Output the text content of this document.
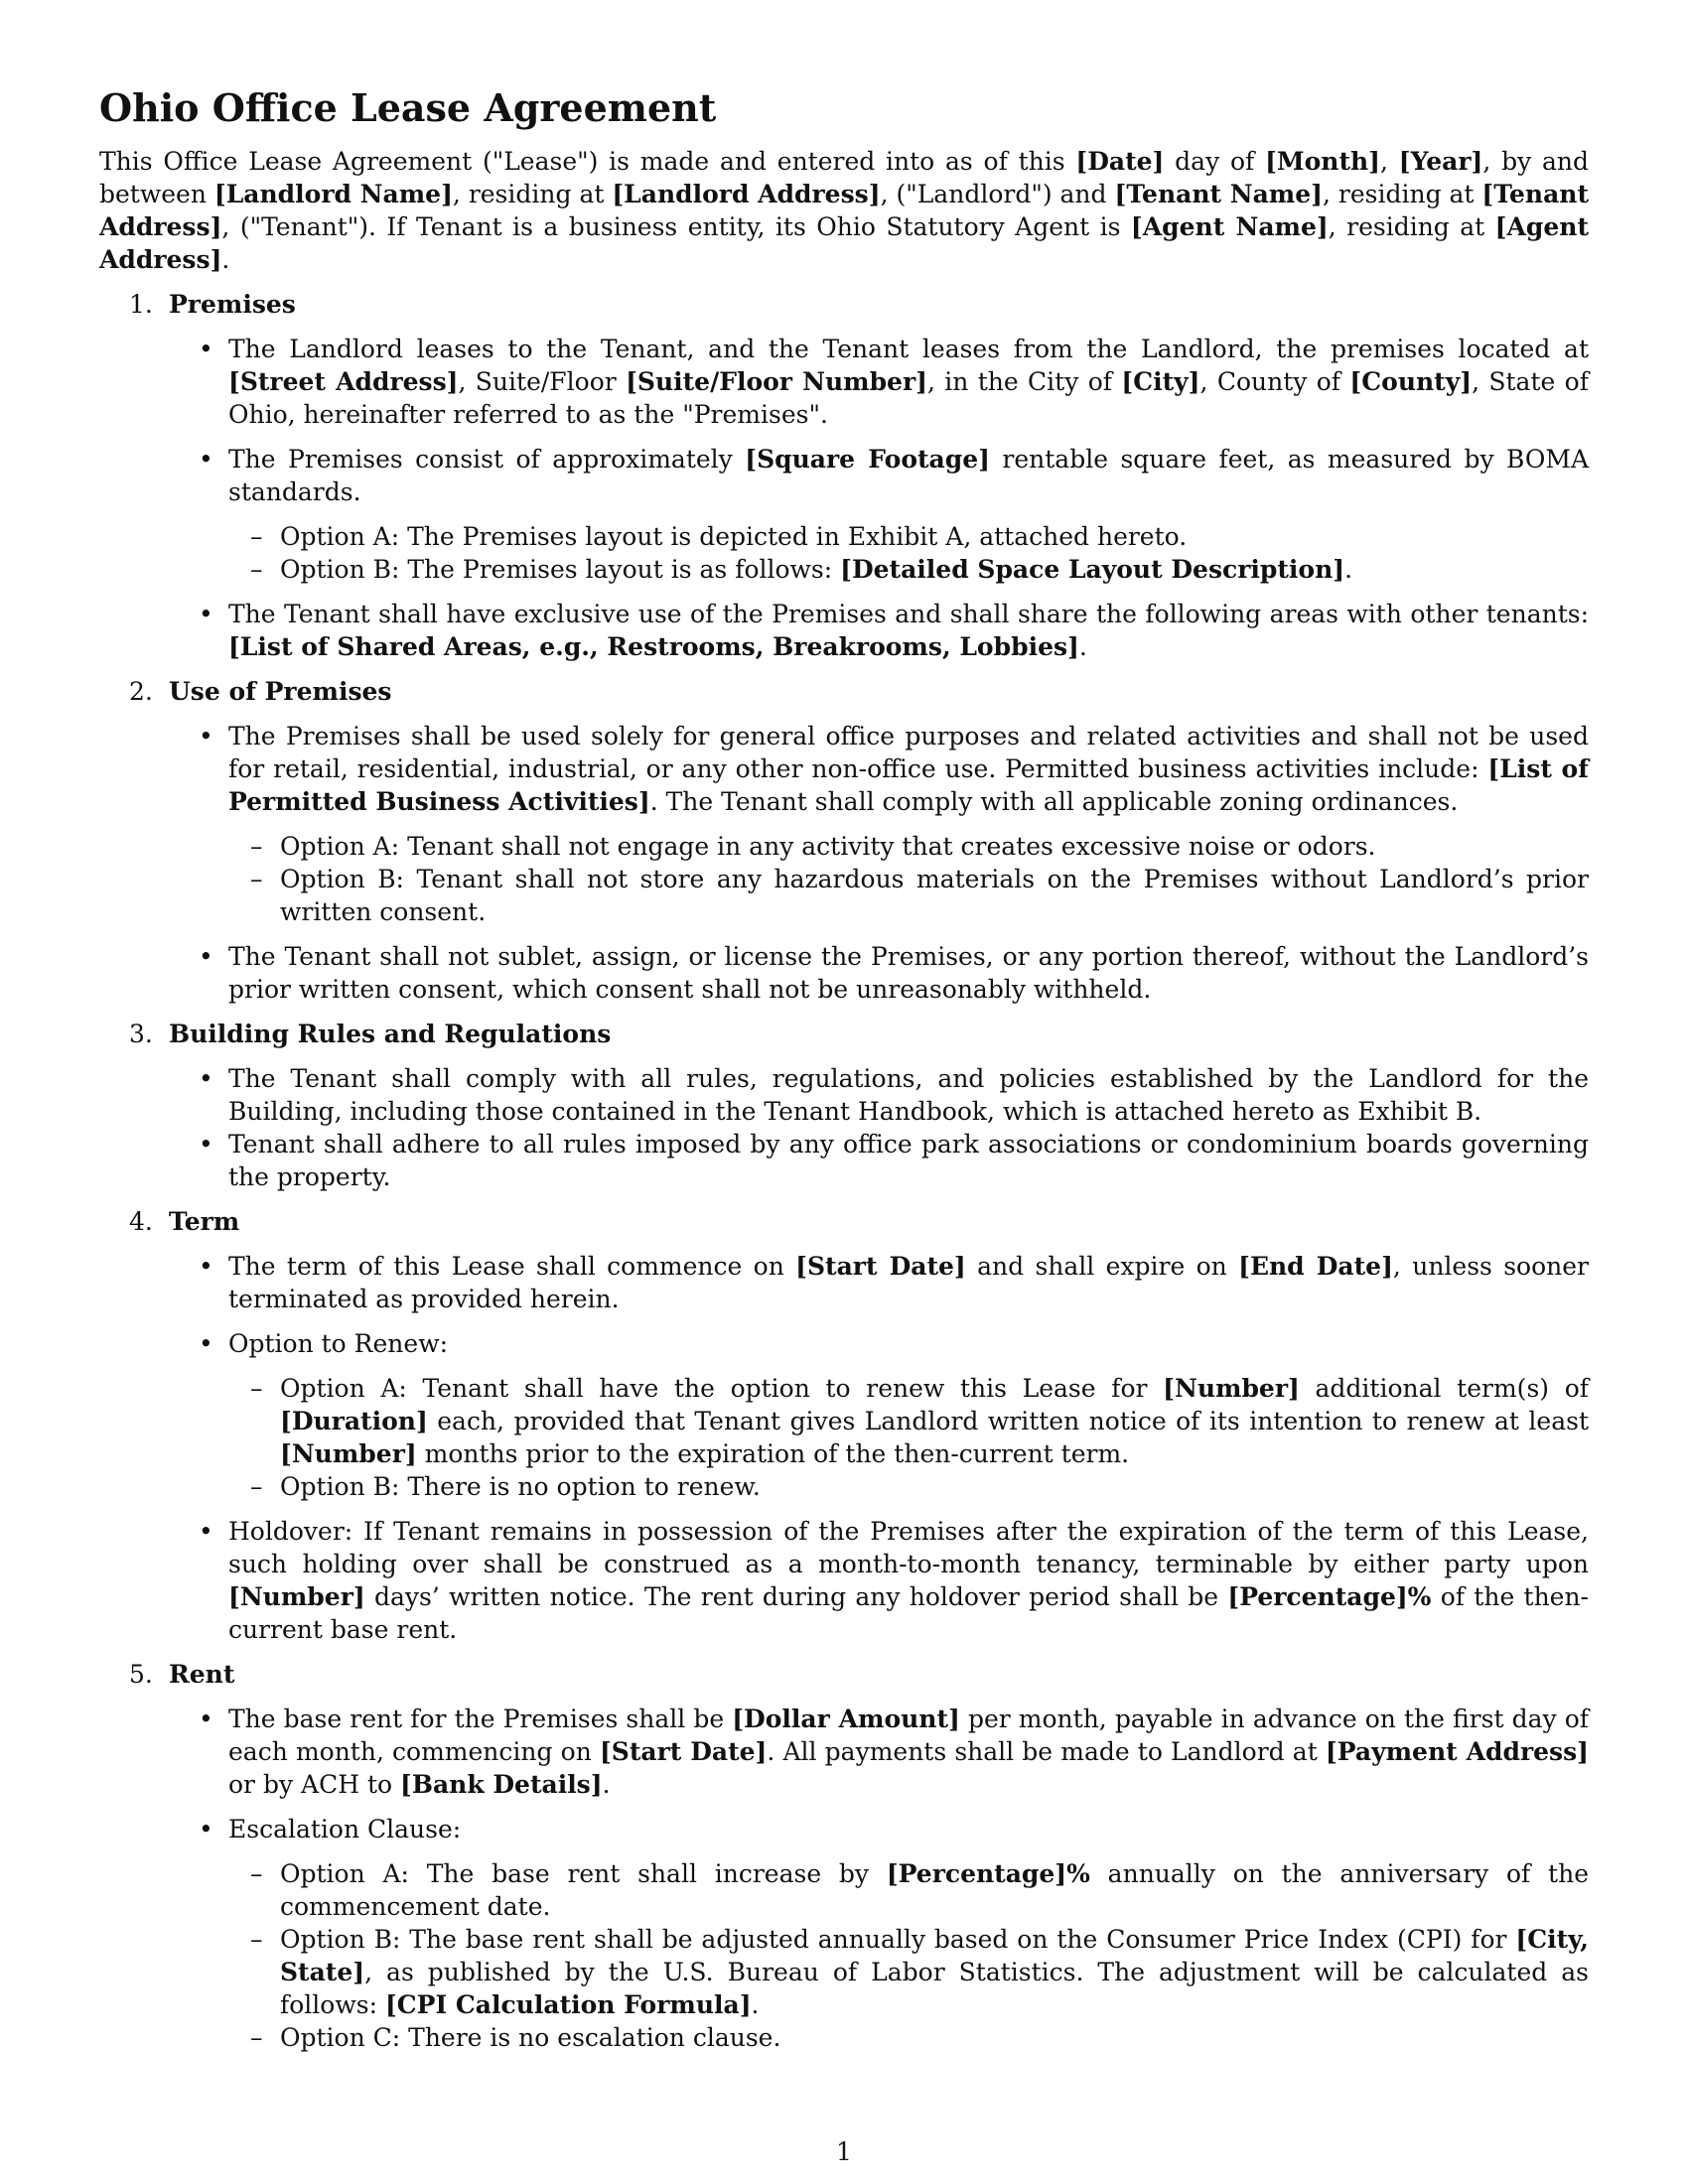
Ohio Office Lease Agreement

This Office Lease Agreement ("Lease") is made and entered into as of this [Date] day of [Month], [Year], by and between [Landlord Name], residing at [Landlord Address], ("Landlord") and [Tenant Name], residing at [Tenant Address], ("Tenant"). If Tenant is a business entity, its Ohio Statutory Agent is [Agent Name], residing at [Agent Address].

1. Premises
• The Landlord leases to the Tenant, and the Tenant leases from the Landlord, the premises located at [Street Address], Suite/Floor [Suite/Floor Number], in the City of [City], County of [County], State of Ohio, hereinafter referred to as the "Premises".
• The Premises consist of approximately [Square Footage] rentable square feet, as measured by BOMA standards.
– Option A: The Premises layout is depicted in Exhibit A, attached hereto.
– Option B: The Premises layout is as follows: [Detailed Space Layout Description].
• The Tenant shall have exclusive use of the Premises and shall share the following areas with other tenants: [List of Shared Areas, e.g., Restrooms, Breakrooms, Lobbies].
2. Use of Premises
• The Premises shall be used solely for general office purposes and related activities and shall not be used for retail, residential, industrial, or any other non-office use. Permitted business activities include: [List of Permitted Business Activities]. The Tenant shall comply with all applicable zoning ordinances.
– Option A: Tenant shall not engage in any activity that creates excessive noise or odors.
– Option B: Tenant shall not store any hazardous materials on the Premises without Landlord’s prior written consent.
• The Tenant shall not sublet, assign, or license the Premises, or any portion thereof, without the Landlord’s prior written consent, which consent shall not be unreasonably withheld.
3. Building Rules and Regulations
• The Tenant shall comply with all rules, regulations, and policies established by the Landlord for the Building, including those contained in the Tenant Handbook, which is attached hereto as Exhibit B.
• Tenant shall adhere to all rules imposed by any office park associations or condominium boards governing the property.
4. Term
• The term of this Lease shall commence on [Start Date] and shall expire on [End Date], unless sooner terminated as provided herein.
• Option to Renew:
– Option A: Tenant shall have the option to renew this Lease for [Number] additional term(s) of [Duration] each, provided that Tenant gives Landlord written notice of its intention to renew at least [Number] months prior to the expiration of the then-current term.
– Option B: There is no option to renew.
• Holdover: If Tenant remains in possession of the Premises after the expiration of the term of this Lease, such holding over shall be construed as a month-to-month tenancy, terminable by either party upon [Number] days’ written notice. The rent during any holdover period shall be [Percentage]% of the then-current base rent.
5. Rent
• The base rent for the Premises shall be [Dollar Amount] per month, payable in advance on the first day of each month, commencing on [Start Date]. All payments shall be made to Landlord at [Payment Address] or by ACH to [Bank Details].
• Escalation Clause:
– Option A: The base rent shall increase by [Percentage]% annually on the anniversary of the commencement date.
– Option B: The base rent shall be adjusted annually based on the Consumer Price Index (CPI) for [City, State], as published by the U.S. Bureau of Labor Statistics. The adjustment will be calculated as follows: [CPI Calculation Formula].
– Option C: There is no escalation clause.
1
